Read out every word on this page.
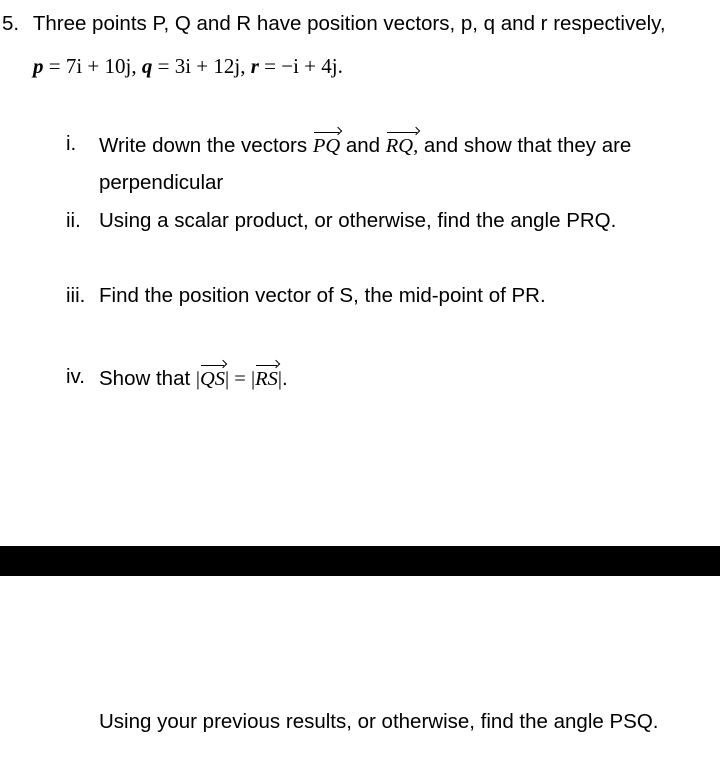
5. Three points P, Q and R have position vectors, p, q and r respectively,
p = 7i + 10j, q = 3i + 12j, r = −i + 4j.
i. Write down the vectors PQ and RQ, and show that they are
perpendicular
ii. Using a scalar product, or otherwise, find the angle PRQ.
iii. Find the position vector of S, the mid-point of PR.
iv. Show that |QS| = |RS|.
Using your previous results, or otherwise, find the angle PSQ.
